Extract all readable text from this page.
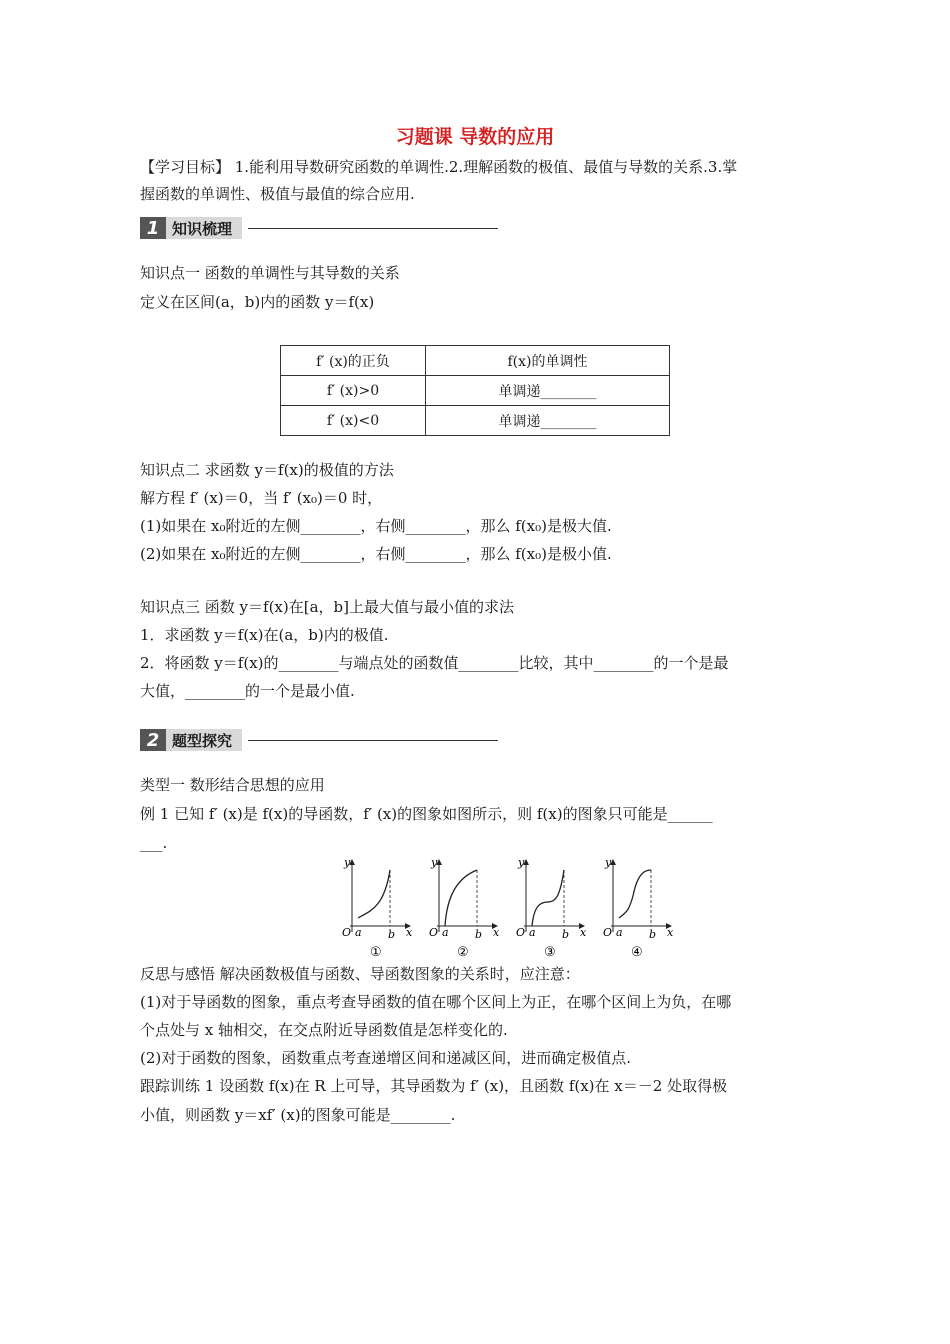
习题课 导数的应用
【学习目标】 1.能利用导数研究函数的单调性.2.理解函数的极值、最值与导数的关系.3.掌
握函数的单调性、极值与最值的综合应用.
1 知识梳理
知识点一 函数的单调性与其导数的关系
定义在区间(a，b)内的函数 y＝f(x)
f′ (x)的正负	f(x)的单调性
f′ (x)>0	单调递________
f′ (x)<0	单调递________
知识点二 求函数 y＝f(x)的极值的方法
解方程 f′ (x)＝0，当 f′ (x₀)＝0 时，
(1)如果在 x₀附近的左侧________，右侧________，那么 f(x₀)是极大值.
(2)如果在 x₀附近的左侧________，右侧________，那么 f(x₀)是极小值.
知识点三 函数 y＝f(x)在[a，b]上最大值与最小值的求法
1．求函数 y＝f(x)在(a，b)内的极值.
2．将函数 y＝f(x)的________与端点处的函数值________比较，其中________的一个是最
大值，________的一个是最小值.
2 题型探究
类型一 数形结合思想的应用
例 1 已知 f′ (x)是 f(x)的导函数，f′ (x)的图象如图所示，则 f(x)的图象只可能是______
___.
y
x
O a b
①
y
x
O a b
②
y
x
O a b
③
y
x
O a b
④
反思与感悟 解决函数极值与函数、导函数图象的关系时，应注意：
(1)对于导函数的图象，重点考查导函数的值在哪个区间上为正，在哪个区间上为负，在哪
个点处与 x 轴相交，在交点附近导函数值是怎样变化的.
(2)对于函数的图象，函数重点考查递增区间和递减区间，进而确定极值点.
跟踪训练 1 设函数 f(x)在 R 上可导，其导函数为 f′ (x)，且函数 f(x)在 x＝－2 处取得极
小值，则函数 y＝xf′ (x)的图象可能是________.
